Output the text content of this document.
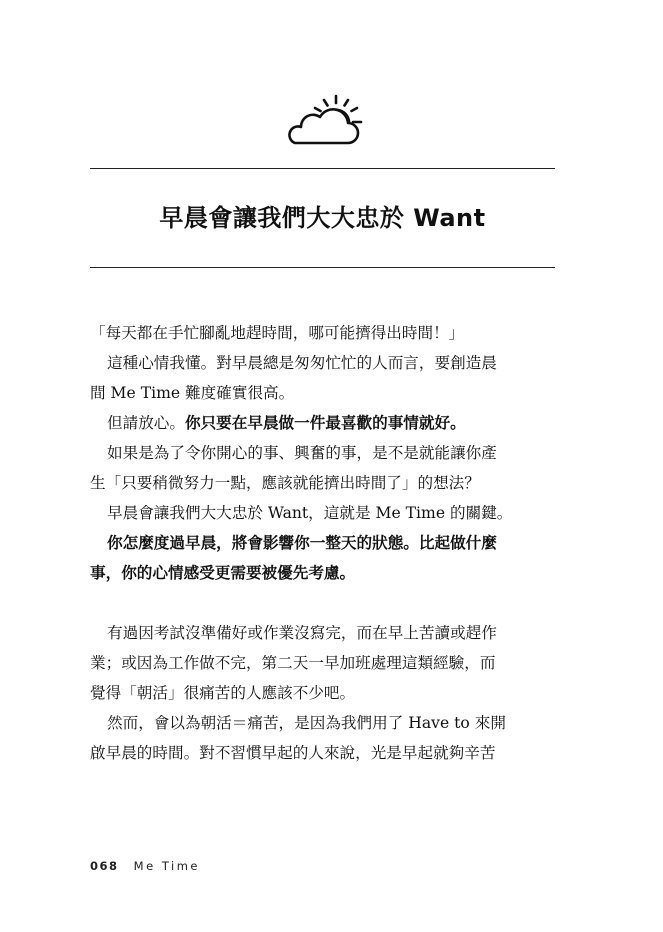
早晨會讓我們大大忠於 Want
「每天都在手忙腳亂地趕時間，哪可能擠得出時間！」
這種心情我懂。對早晨總是匆匆忙忙的人而言，要創造晨
間 Me Time 難度確實很高。
但請放心。你只要在早晨做一件最喜歡的事情就好。
如果是為了令你開心的事、興奮的事，是不是就能讓你產
生「只要稍微努力一點，應該就能擠出時間了」的想法？
早晨會讓我們大大忠於 Want，這就是 Me Time 的關鍵。
你怎麼度過早晨，將會影響你一整天的狀態。比起做什麼
事，你的心情感受更需要被優先考慮。
有過因考試沒準備好或作業沒寫完，而在早上苦讀或趕作
業；或因為工作做不完，第二天一早加班處理這類經驗，而
覺得「朝活」很痛苦的人應該不少吧。
然而，會以為朝活＝痛苦，是因為我們用了 Have to 來開
啟早晨的時間。對不習慣早起的人來說，光是早起就夠辛苦
068 Me Time
